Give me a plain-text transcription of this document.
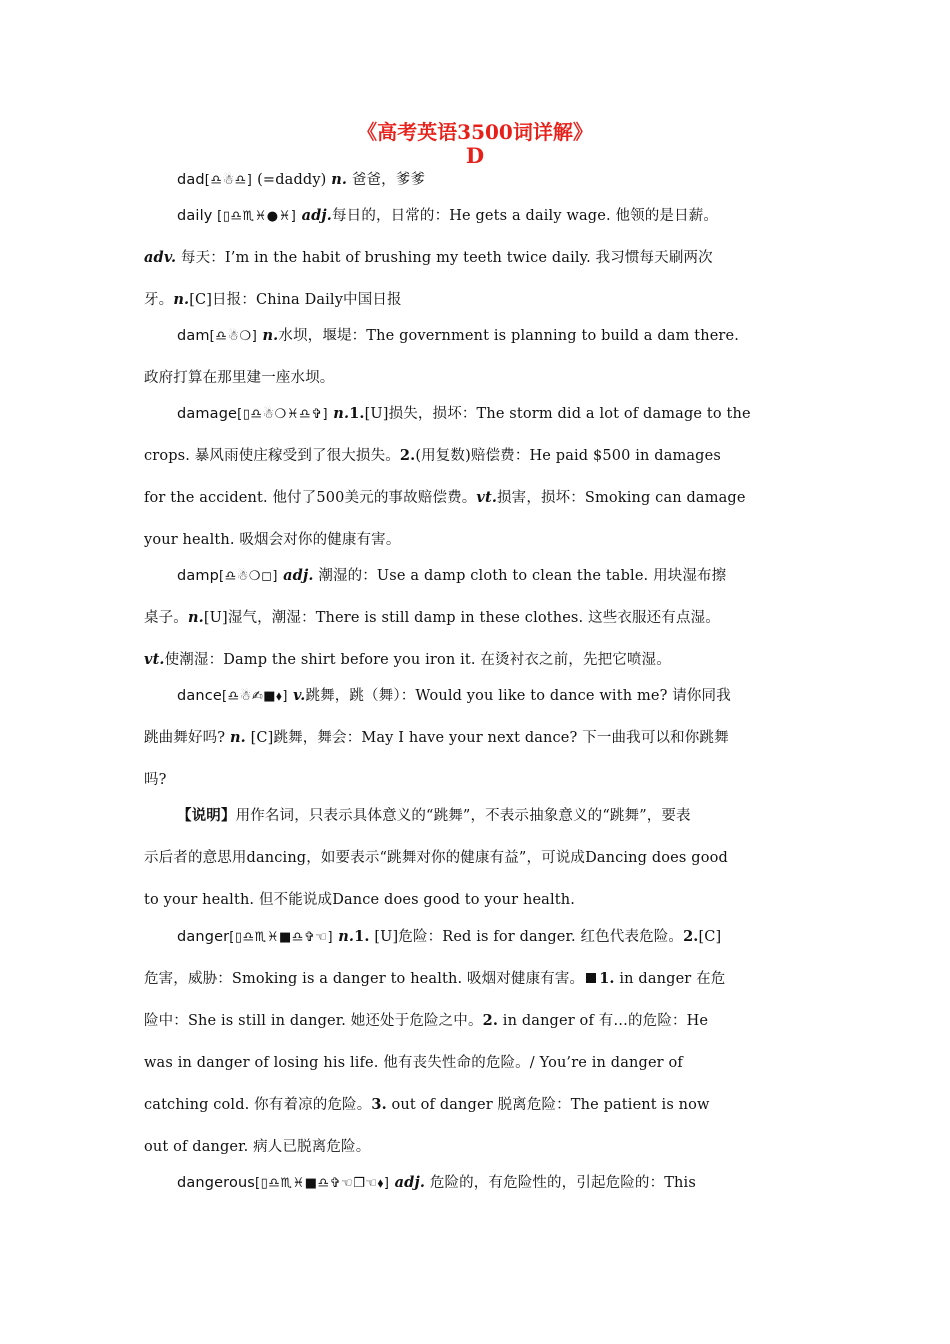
《高考英语3500词详解》
D
dad[♎☃♎] (=daddy) n. 爸爸，爹爹
daily [▯♎♏♓●♓] adj.每日的，日常的：He gets a daily wage. 他领的是日薪。
adv. 每天：I’m in the habit of brushing my teeth twice daily. 我习惯每天刷两次
牙。n.[C]日报：China Daily中国日报
dam[♎☃❍] n.水坝，堰堤：The government is planning to build a dam there.
政府打算在那里建一座水坝。
damage[▯♎☃❍♓♎✞] n.1.[U]损失，损坏：The storm did a lot of damage to the
crops. 暴风雨使庄稼受到了很大损失。2.(用复数)赔偿费：He paid $500 in damages
for the accident. 他付了500美元的事故赔偿费。vt.损害，损坏：Smoking can damage
your health. 吸烟会对你的健康有害。
damp[♎☃❍◻] adj. 潮湿的：Use a damp cloth to clean the table. 用块湿布擦
桌子。n.[U]湿气，潮湿：There is still damp in these clothes. 这些衣服还有点湿。
vt.使潮湿：Damp the shirt before you iron it. 在烫衬衣之前，先把它喷湿。
dance[♎☃✍■⬧] v.跳舞，跳（舞）：Would you like to dance with me? 请你同我
跳曲舞好吗? n. [C]跳舞，舞会：May I have your next dance? 下一曲我可以和你跳舞
吗?
【说明】用作名词，只表示具体意义的“跳舞”，不表示抽象意义的“跳舞”，要表
示后者的意思用dancing，如要表示“跳舞对你的健康有益”，可说成Dancing does good
to your health. 但不能说成Dance does good to your health.
danger[▯♎♏♓■♎✞☜] n.1. [U]危险：Red is for danger. 红色代表危险。2.[C]
危害，威胁：Smoking is a danger to health. 吸烟对健康有害。 1. in danger 在危
险中：She is still in danger. 她还处于危险之中。2. in danger of 有…的危险：He
was in danger of losing his life. 他有丧失性命的危险。/ You’re in danger of
catching cold. 你有着凉的危险。3. out of danger 脱离危险：The patient is now
out of danger. 病人已脱离危险。
dangerous[▯♎♏♓■♎✞☜❒☜⬧] adj. 危险的，有危险性的，引起危险的：This
